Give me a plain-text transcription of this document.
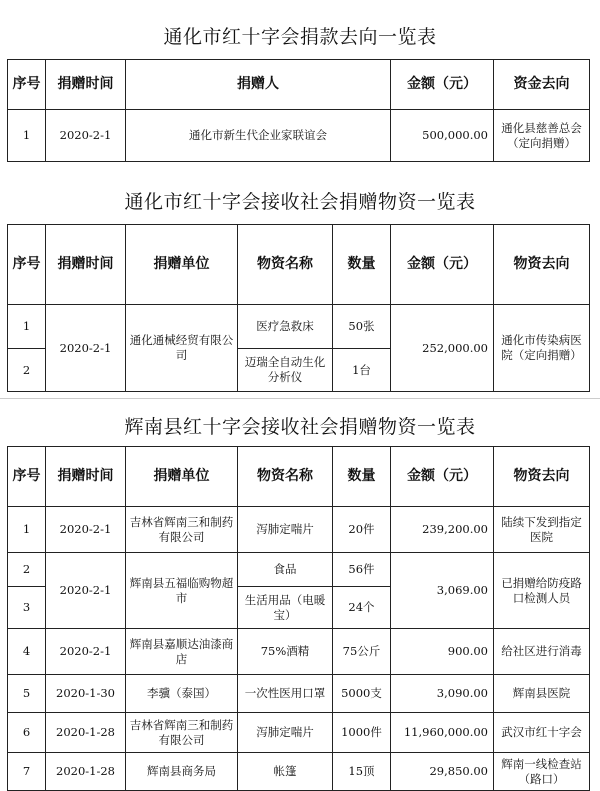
通化市红十字会捐款去向一览表
序号	捐赠时间	捐赠人	金额（元）	资金去向
1	2020-2-1	通化市新生代企业家联谊会	500,000.00	通化县慈善总会（定向捐赠）
通化市红十字会接收社会捐赠物资一览表
序号	捐赠时间	捐赠单位	物资名称	数量	金额（元）	物资去向
1	2020-2-1	通化通械经贸有限公司	医疗急救床	50张	252,000.00	通化市传染病医院（定向捐赠）
2			迈瑞全自动生化分析仪	1台		
辉南县红十字会接收社会捐赠物资一览表
序号	捐赠时间	捐赠单位	物资名称	数量	金额（元）	物资去向
1	2020-2-1	吉林省辉南三和制药有限公司	泻肺定喘片	20件	239,200.00	陆续下发到指定医院
2	2020-2-1	辉南县五福临购物超市	食品	56件	3,069.00	已捐赠给防疫路口检测人员
3			生活用品（电暖宝）	24个		
4	2020-2-1	辉南县嘉顺达油漆商店	75%酒精	75公斤	900.00	给社区进行消毒
5	2020-1-30	李骥（泰国）	一次性医用口罩	5000支	3,090.00	辉南县医院
6	2020-1-28	吉林省辉南三和制药有限公司	泻肺定喘片	1000件	11,960,000.00	武汉市红十字会
7	2020-1-28	辉南县商务局	帐篷	15顶	29,850.00	辉南一线检查站（路口）
